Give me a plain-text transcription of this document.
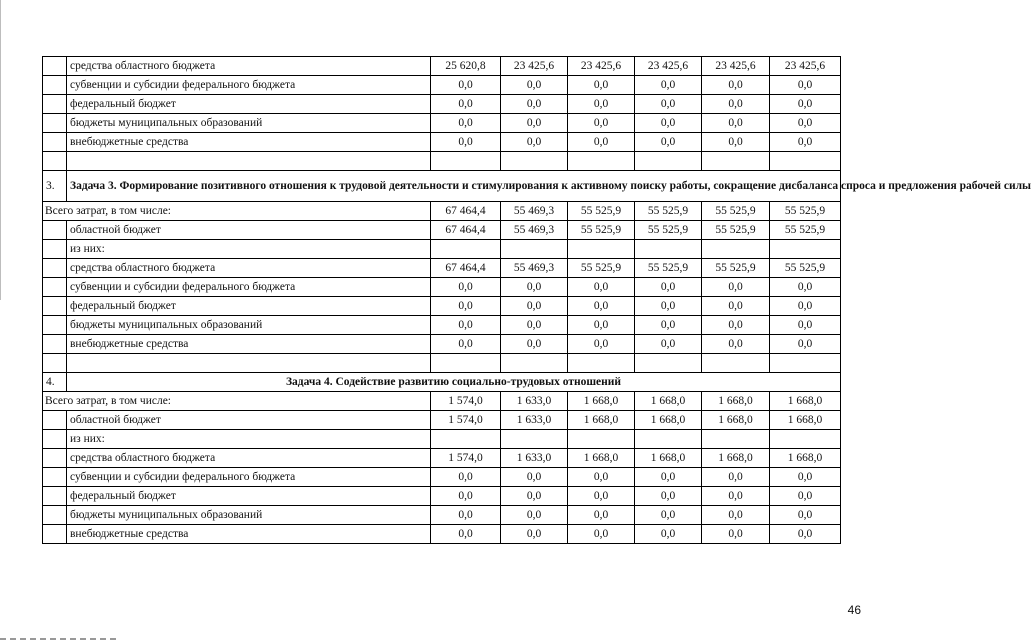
	средства областного бюджета	25 620,8	23 425,6	23 425,6	23 425,6	23 425,6	23 425,6
	субвенции и субсидии федерального бюджета	0,0	0,0	0,0	0,0	0,0	0,0
	федеральный бюджет	0,0	0,0	0,0	0,0	0,0	0,0
	бюджеты муниципальных образований	0,0	0,0	0,0	0,0	0,0	0,0
	внебюджетные средства	0,0	0,0	0,0	0,0	0,0	0,0

3.	Задача 3. Формирование позитивного отношения к трудовой деятельности и стимулирования к активному поиску работы, сокращение дисбаланса спроса и предложения рабочей силы						
Всего затрат, в том числе:		67 464,4	55 469,3	55 525,9	55 525,9	55 525,9	55 525,9
	областной бюджет	67 464,4	55 469,3	55 525,9	55 525,9	55 525,9	55 525,9
	из них:						
	средства областного бюджета	67 464,4	55 469,3	55 525,9	55 525,9	55 525,9	55 525,9
	субвенции и субсидии федерального бюджета	0,0	0,0	0,0	0,0	0,0	0,0
	федеральный бюджет	0,0	0,0	0,0	0,0	0,0	0,0
	бюджеты муниципальных образований	0,0	0,0	0,0	0,0	0,0	0,0
	внебюджетные средства	0,0	0,0	0,0	0,0	0,0	0,0

4.	Задача 4. Содействие развитию социально-трудовых отношений						
Всего затрат, в том числе:		1 574,0	1 633,0	1 668,0	1 668,0	1 668,0	1 668,0
	областной бюджет	1 574,0	1 633,0	1 668,0	1 668,0	1 668,0	1 668,0
	из них:						
	средства областного бюджета	1 574,0	1 633,0	1 668,0	1 668,0	1 668,0	1 668,0
	субвенции и субсидии федерального бюджета	0,0	0,0	0,0	0,0	0,0	0,0
	федеральный бюджет	0,0	0,0	0,0	0,0	0,0	0,0
	бюджеты муниципальных образований	0,0	0,0	0,0	0,0	0,0	0,0
	внебюджетные средства	0,0	0,0	0,0	0,0	0,0	0,0
46
